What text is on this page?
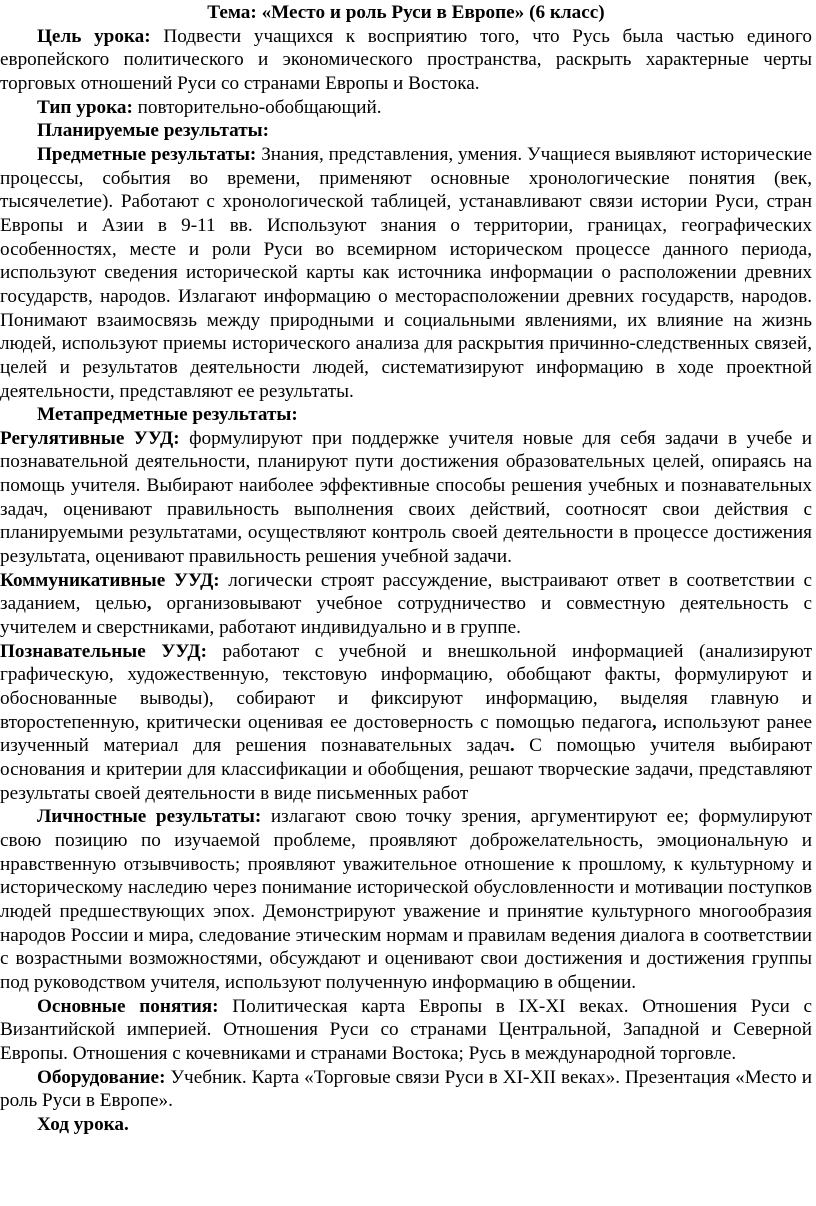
Тема: «Место и роль Руси в Европе» (6 класс)

Цель урока: Подвести учащихся к восприятию того, что Русь была частью единого европейского политического и экономического пространства, раскрыть характерные черты торговых отношений Руси со странами Европы и Востока.

Тип урока: повторительно-обобщающий.

Планируемые результаты:

Предметные результаты: Знания, представления, умения. Учащиеся выявляют исторические процессы, события во времени, применяют основные хронологические понятия (век, тысячелетие). Работают с хронологической таблицей, устанавливают связи истории Руси, стран Европы и Азии в 9-11 вв. Используют знания о территории, границах, географических особенностях, месте и роли Руси во всемирном историческом процессе данного периода, используют сведения исторической карты как источника информации о расположении древних государств, народов. Излагают информацию о месторасположении древних государств, народов. Понимают взаимосвязь между природными и социальными явлениями, их влияние на жизнь людей, используют приемы исторического анализа для раскрытия причинно-следственных связей, целей и результатов деятельности людей, систематизируют информацию в ходе проектной деятельности, представляют ее результаты.

Метапредметные результаты:

Регулятивные УУД: формулируют при поддержке учителя новые для себя задачи в учебе и познавательной деятельности, планируют пути достижения образовательных целей, опираясь на помощь учителя. Выбирают наиболее эффективные способы решения учебных и познавательных задач, оценивают правильность выполнения своих действий, соотносят свои действия с планируемыми результатами, осуществляют контроль своей деятельности в процессе достижения результата, оценивают правильность решения учебной задачи.

Коммуникативные УУД: логически строят рассуждение, выстраивают ответ в соответствии с заданием, целью, организовывают учебное сотрудничество и совместную деятельность с учителем и сверстниками, работают индивидуально и в группе.

Познавательные УУД: работают с учебной и внешкольной информацией (анализируют графическую, художественную, текстовую информацию, обобщают факты, формулируют и обоснованные выводы), собирают и фиксируют информацию, выделяя главную и второстепенную, критически оценивая ее достоверность с помощью педагога, используют ранее изученный материал для решения познавательных задач. С помощью учителя выбирают основания и критерии для классификации и обобщения, решают творческие задачи, представляют результаты своей деятельности в виде письменных работ

Личностные результаты: излагают свою точку зрения, аргументируют ее; формулируют свою позицию по изучаемой проблеме, проявляют доброжелательность, эмоциональную и нравственную отзывчивость; проявляют уважительное отношение к прошлому, к культурному и историческому наследию через понимание исторической обусловленности и мотивации поступков людей предшествующих эпох. Демонстрируют уважение и принятие культурного многообразия народов России и мира, следование этическим нормам и правилам ведения диалога в соответствии с возрастными возможностями, обсуждают и оценивают свои достижения и достижения группы под руководством учителя, используют полученную информацию в общении.

Основные понятия: Политическая карта Европы в IX-XI веках. Отношения Руси с Византийской империей. Отношения Руси со странами Центральной, Западной и Северной Европы. Отношения с кочевниками и странами Востока; Русь в международной торговле.

Оборудование: Учебник. Карта «Торговые связи Руси в XI-XII веках». Презентация «Место и роль Руси в Европе».

Ход урока.
